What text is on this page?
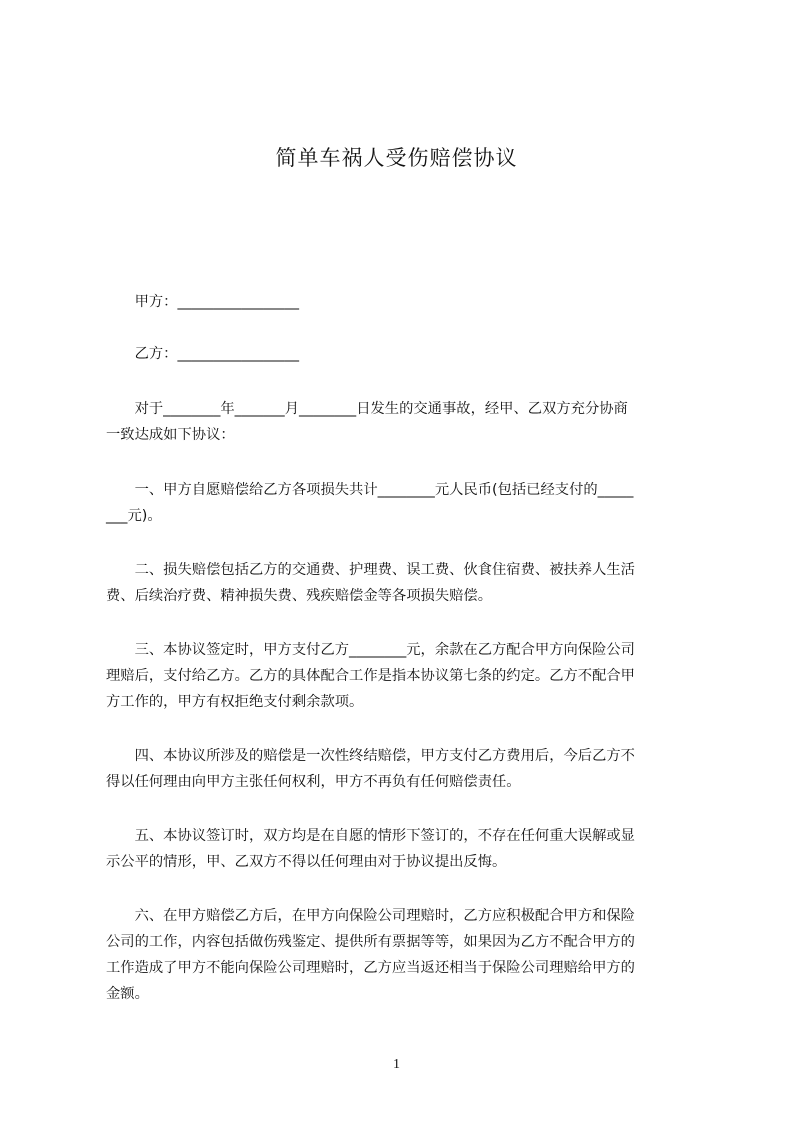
简单车祸人受伤赔偿协议
　　甲方：_________________
　　乙方：_________________
　　对于________年_______月________日发生的交通事故，经甲、乙双方充分协商
一致达成如下协议：
　　一、甲方自愿赔偿给乙方各项损失共计________元人民币(包括已经支付的_____
___元)。
　　二、损失赔偿包括乙方的交通费、护理费、误工费、伙食住宿费、被扶养人生活
费、后续治疗费、精神损失费、残疾赔偿金等各项损失赔偿。
　　三、本协议签定时，甲方支付乙方________元，余款在乙方配合甲方向保险公司
理赔后，支付给乙方。乙方的具体配合工作是指本协议第七条的约定。乙方不配合甲
方工作的，甲方有权拒绝支付剩余款项。
　　四、本协议所涉及的赔偿是一次性终结赔偿，甲方支付乙方费用后，今后乙方不
得以任何理由向甲方主张任何权利，甲方不再负有任何赔偿责任。
　　五、本协议签订时，双方均是在自愿的情形下签订的，不存在任何重大误解或显
示公平的情形，甲、乙双方不得以任何理由对于协议提出反悔。
　　六、在甲方赔偿乙方后，在甲方向保险公司理赔时，乙方应积极配合甲方和保险
公司的工作，内容包括做伤残鉴定、提供所有票据等等，如果因为乙方不配合甲方的
工作造成了甲方不能向保险公司理赔时，乙方应当返还相当于保险公司理赔给甲方的
金额。
1
